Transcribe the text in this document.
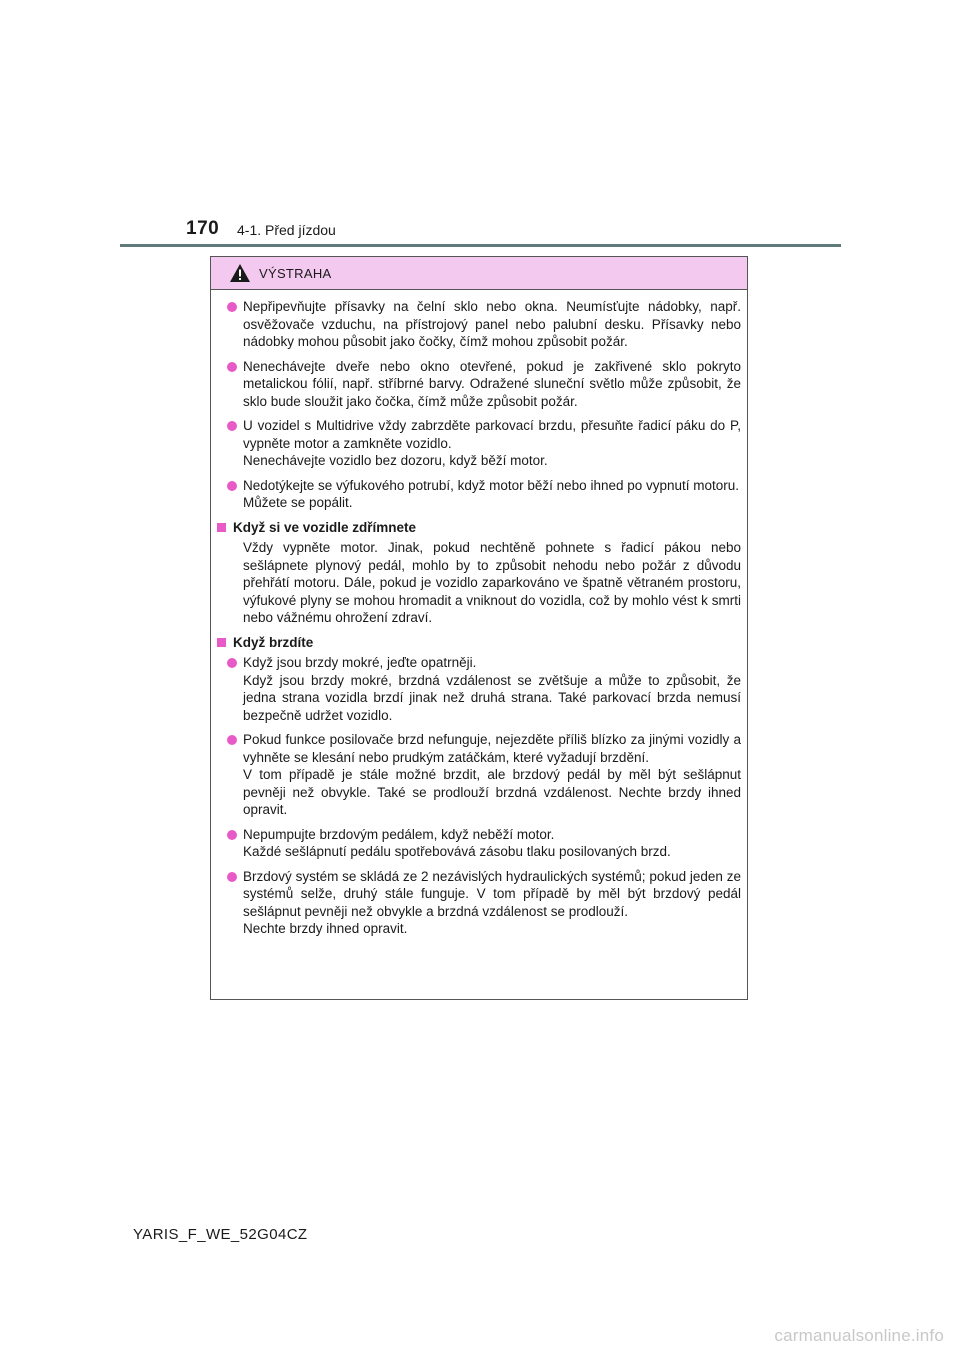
170 4-1. Před jízdou
VÝSTRAHA
Nepřipevňujte přísavky na čelní sklo nebo okna. Neumísťujte nádobky, např. osvěžovače vzduchu, na přístrojový panel nebo palubní desku. Přísavky nebo nádobky mohou působit jako čočky, čímž mohou způsobit požár.
Nenechávejte dveře nebo okno otevřené, pokud je zakřivené sklo pokryto metalickou fólií, např. stříbrné barvy. Odražené sluneční světlo může způsobit, že sklo bude sloužit jako čočka, čímž může způsobit požár.
U vozidel s Multidrive vždy zabrzděte parkovací brzdu, přesuňte řadicí páku do P, vypněte motor a zamkněte vozidlo.
Nenechávejte vozidlo bez dozoru, když běží motor.
Nedotýkejte se výfukového potrubí, když motor běží nebo ihned po vypnutí motoru.
Můžete se popálit.
Když si ve vozidle zdřímnete
Vždy vypněte motor. Jinak, pokud nechtěně pohnete s řadicí pákou nebo sešlápnete plynový pedál, mohlo by to způsobit nehodu nebo požár z důvodu přehřátí motoru. Dále, pokud je vozidlo zaparkováno ve špatně větraném prostoru, výfukové plyny se mohou hromadit a vniknout do vozidla, což by mohlo vést k smrti nebo vážnému ohrožení zdraví.
Když brzdíte
Když jsou brzdy mokré, jeďte opatrněji.
Když jsou brzdy mokré, brzdná vzdálenost se zvětšuje a může to způsobit, že jedna strana vozidla brzdí jinak než druhá strana. Také parkovací brzda nemusí bezpečně udržet vozidlo.
Pokud funkce posilovače brzd nefunguje, nejezděte příliš blízko za jinými vozidly a vyhněte se klesání nebo prudkým zatáčkám, které vyžadují brzdění.
V tom případě je stále možné brzdit, ale brzdový pedál by měl být sešlápnut pevněji než obvykle. Také se prodlouží brzdná vzdálenost. Nechte brzdy ihned opravit.
Nepumpujte brzdovým pedálem, když neběží motor.
Každé sešlápnutí pedálu spotřebovává zásobu tlaku posilovaných brzd.
Brzdový systém se skládá ze 2 nezávislých hydraulických systémů; pokud jeden ze systémů selže, druhý stále funguje. V tom případě by měl být brzdový pedál sešlápnut pevněji než obvykle a brzdná vzdálenost se prodlouží.
Nechte brzdy ihned opravit.
YARIS_F_WE_52G04CZ
carmanualsonline.info
